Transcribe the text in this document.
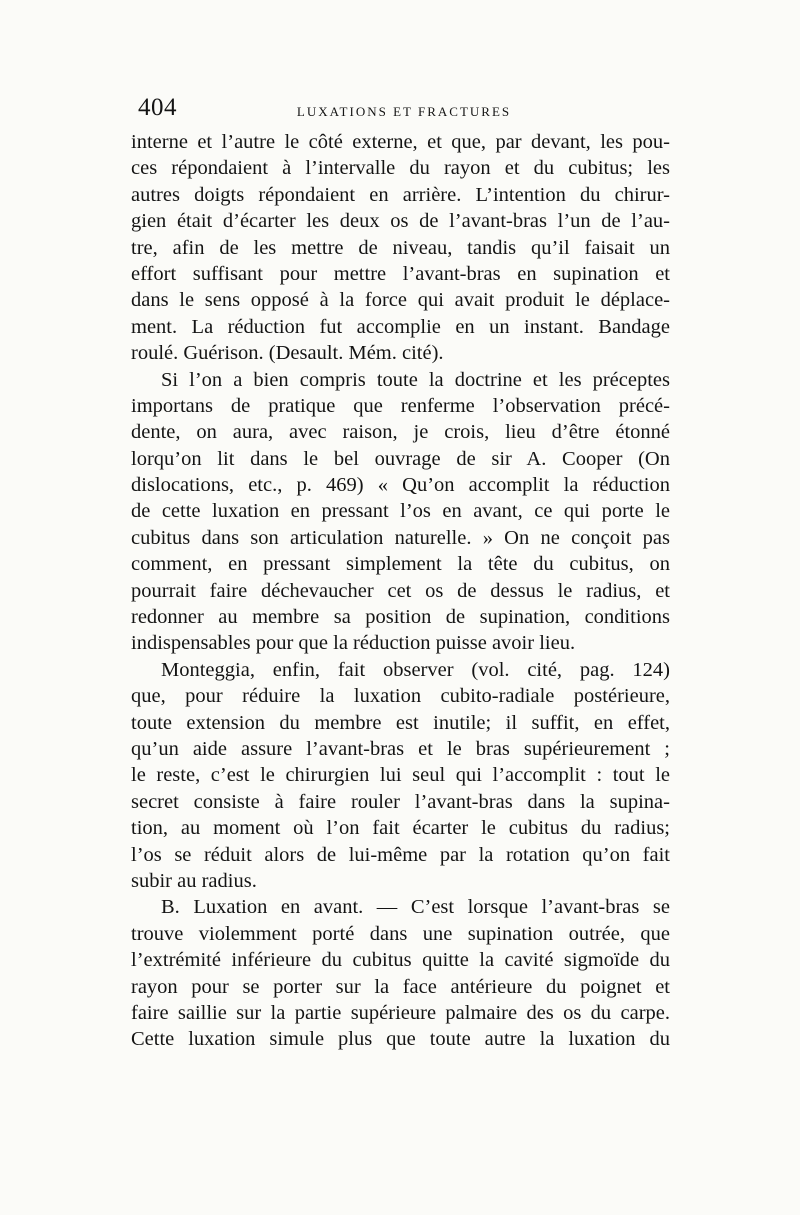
404	LUXATIONS ET FRACTURES
interne et l’autre le côté externe, et que, par devant, les pou-
ces répondaient à l’intervalle du rayon et du cubitus; les
autres doigts répondaient en arrière. L’intention du chirur-
gien était d’écarter les deux os de l’avant-bras l’un de l’au-
tre, afin de les mettre de niveau, tandis qu’il faisait un
effort suffisant pour mettre l’avant-bras en supination et
dans le sens opposé à la force qui avait produit le déplace-
ment. La réduction fut accomplie en un instant. Bandage
roulé. Guérison. (Desault. Mém. cité).
Si l’on a bien compris toute la doctrine et les préceptes
importans de pratique que renferme l’observation précé-
dente, on aura, avec raison, je crois, lieu d’être étonné
lorqu’on lit dans le bel ouvrage de sir A. Cooper (On
dislocations, etc., p. 469) « Qu’on accomplit la réduction
de cette luxation en pressant l’os en avant, ce qui porte le
cubitus dans son articulation naturelle. » On ne conçoit pas
comment, en pressant simplement la tête du cubitus, on
pourrait faire déchevaucher cet os de dessus le radius, et
redonner au membre sa position de supination, conditions
indispensables pour que la réduction puisse avoir lieu.
Monteggia, enfin, fait observer (vol. cité, pag. 124)
que, pour réduire la luxation cubito-radiale postérieure,
toute extension du membre est inutile; il suffit, en effet,
qu’un aide assure l’avant-bras et le bras supérieurement ;
le reste, c’est le chirurgien lui seul qui l’accomplit : tout le
secret consiste à faire rouler l’avant-bras dans la supina-
tion, au moment où l’on fait écarter le cubitus du radius;
l’os se réduit alors de lui-même par la rotation qu’on fait
subir au radius.
B. Luxation en avant. — C’est lorsque l’avant-bras se
trouve violemment porté dans une supination outrée, que
l’extrémité inférieure du cubitus quitte la cavité sigmoïde du
rayon pour se porter sur la face antérieure du poignet et
faire saillie sur la partie supérieure palmaire des os du carpe.
Cette luxation simule plus que toute autre la luxation du
